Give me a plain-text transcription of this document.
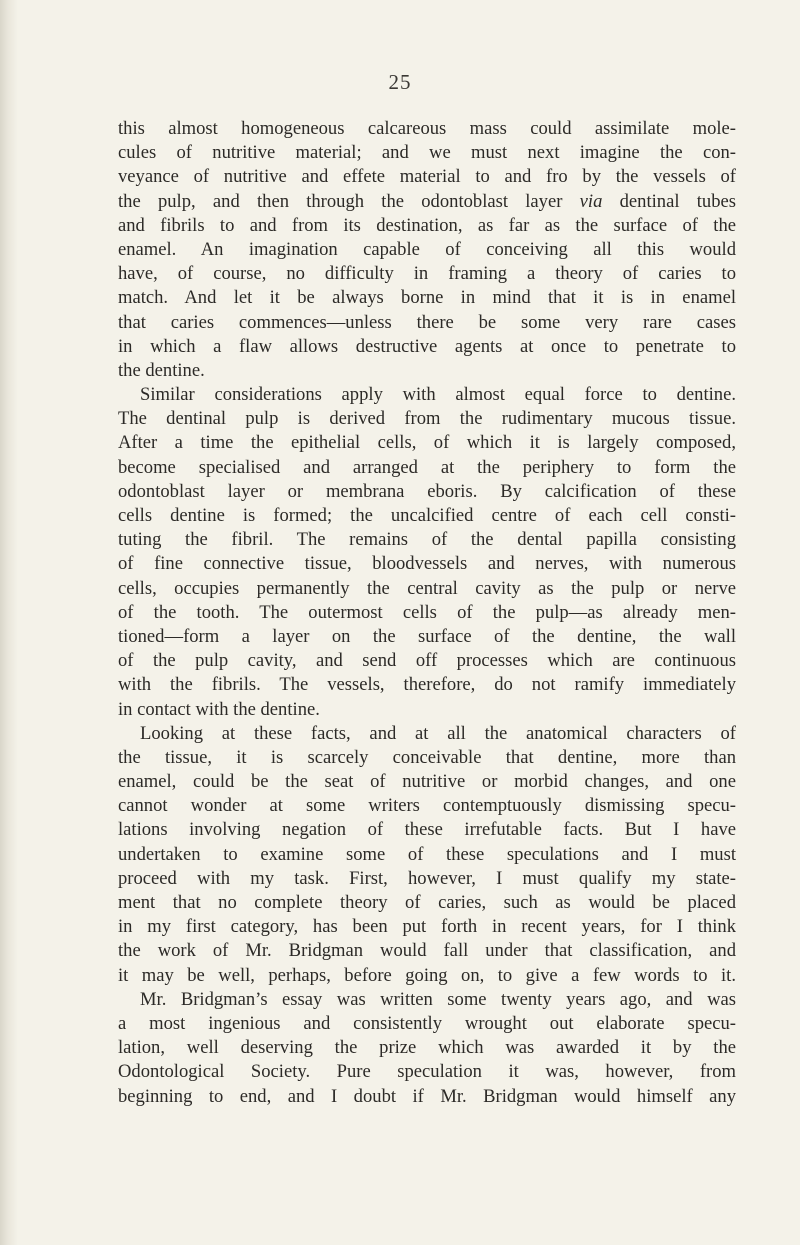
25
this almost homogeneous calcareous mass could assimilate mole-
cules of nutritive material; and we must next imagine the con-
veyance of nutritive and effete material to and fro by the vessels of
the pulp, and then through the odontoblast layer via dentinal tubes
and fibrils to and from its destination, as far as the surface of the
enamel. An imagination capable of conceiving all this would
have, of course, no difficulty in framing a theory of caries to
match. And let it be always borne in mind that it is in enamel
that caries commences—unless there be some very rare cases
in which a flaw allows destructive agents at once to penetrate to
the dentine.
Similar considerations apply with almost equal force to dentine.
The dentinal pulp is derived from the rudimentary mucous tissue.
After a time the epithelial cells, of which it is largely composed,
become specialised and arranged at the periphery to form the
odontoblast layer or membrana eboris. By calcification of these
cells dentine is formed; the uncalcified centre of each cell consti-
tuting the fibril. The remains of the dental papilla consisting
of fine connective tissue, bloodvessels and nerves, with numerous
cells, occupies permanently the central cavity as the pulp or nerve
of the tooth. The outermost cells of the pulp—as already men-
tioned—form a layer on the surface of the dentine, the wall
of the pulp cavity, and send off processes which are continuous
with the fibrils. The vessels, therefore, do not ramify immediately
in contact with the dentine.
Looking at these facts, and at all the anatomical characters of
the tissue, it is scarcely conceivable that dentine, more than
enamel, could be the seat of nutritive or morbid changes, and one
cannot wonder at some writers contemptuously dismissing specu-
lations involving negation of these irrefutable facts. But I have
undertaken to examine some of these speculations and I must
proceed with my task. First, however, I must qualify my state-
ment that no complete theory of caries, such as would be placed
in my first category, has been put forth in recent years, for I think
the work of Mr. Bridgman would fall under that classification, and
it may be well, perhaps, before going on, to give a few words to it.
Mr. Bridgman’s essay was written some twenty years ago, and was
a most ingenious and consistently wrought out elaborate specu-
lation, well deserving the prize which was awarded it by the
Odontological Society. Pure speculation it was, however, from
beginning to end, and I doubt if Mr. Bridgman would himself any
